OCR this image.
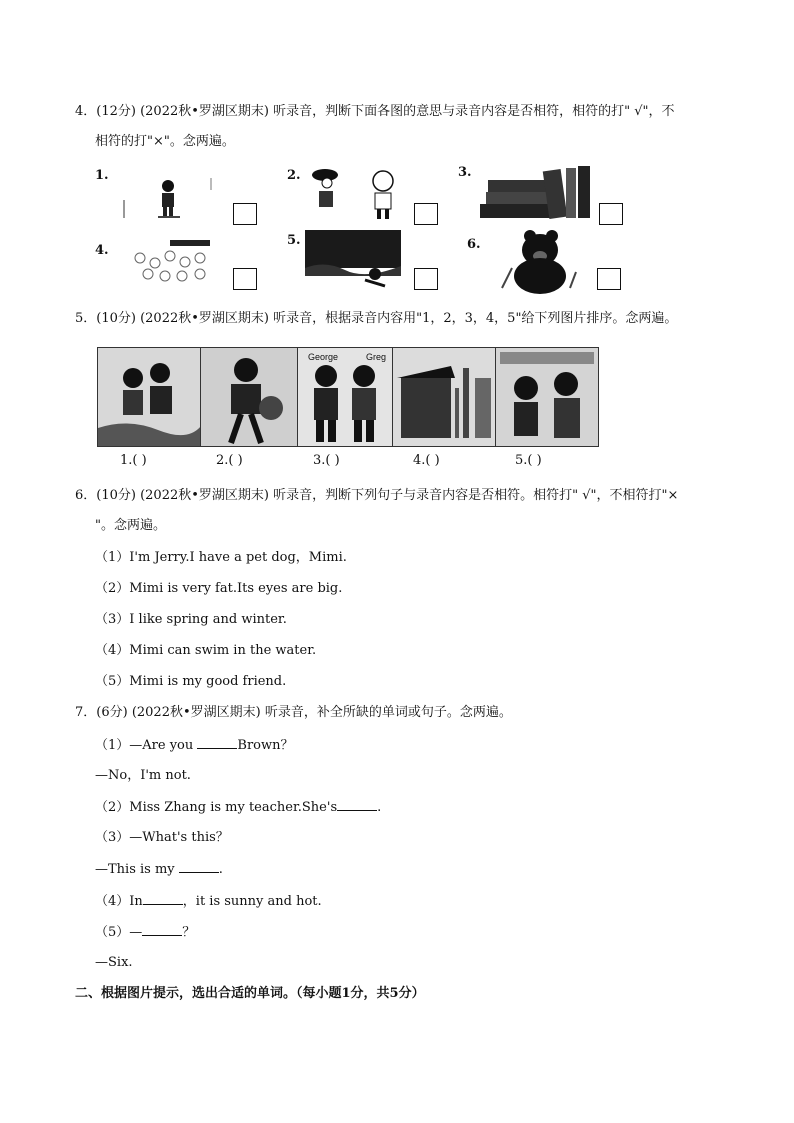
4．(12分) (2022秋•罗湖区期末) 听录音，判断下面各图的意思与录音内容是否相符，相符的打" √"，不
相符的打"×"。念两遍。
1.	2.	3.
4.
5.	6.
5．(10分) (2022秋•罗湖区期末) 听录音，根据录音内容用"1，2，3，4，5"给下列图片排序。念两遍。
George	Greg
1.( )	2.( )	3.( )	4.( )	5.( )
6．(10分) (2022秋•罗湖区期末) 听录音，判断下列句子与录音内容是否相符。相符打" √"，不相符打"×
"。念两遍。
（1）I'm Jerry.I have a pet dog，Mimi.
（2）Mimi is very fat.Its eyes are big.
（3）I like spring and winter.
（4）Mimi can swim in the water.
（5）Mimi is my good friend.
7．(6分) (2022秋•罗湖区期末) 听录音，补全所缺的单词或句子。念两遍。
（1）—Are you	Brown？
—No，I'm not.
（2）Miss Zhang is my teacher.She's	.
（3）—What's this？
—This is my	.
（4）In	，it is sunny and hot.
（5）—	？
—Six.
二、根据图片提示，选出合适的单词。（每小题1分，共5分）
